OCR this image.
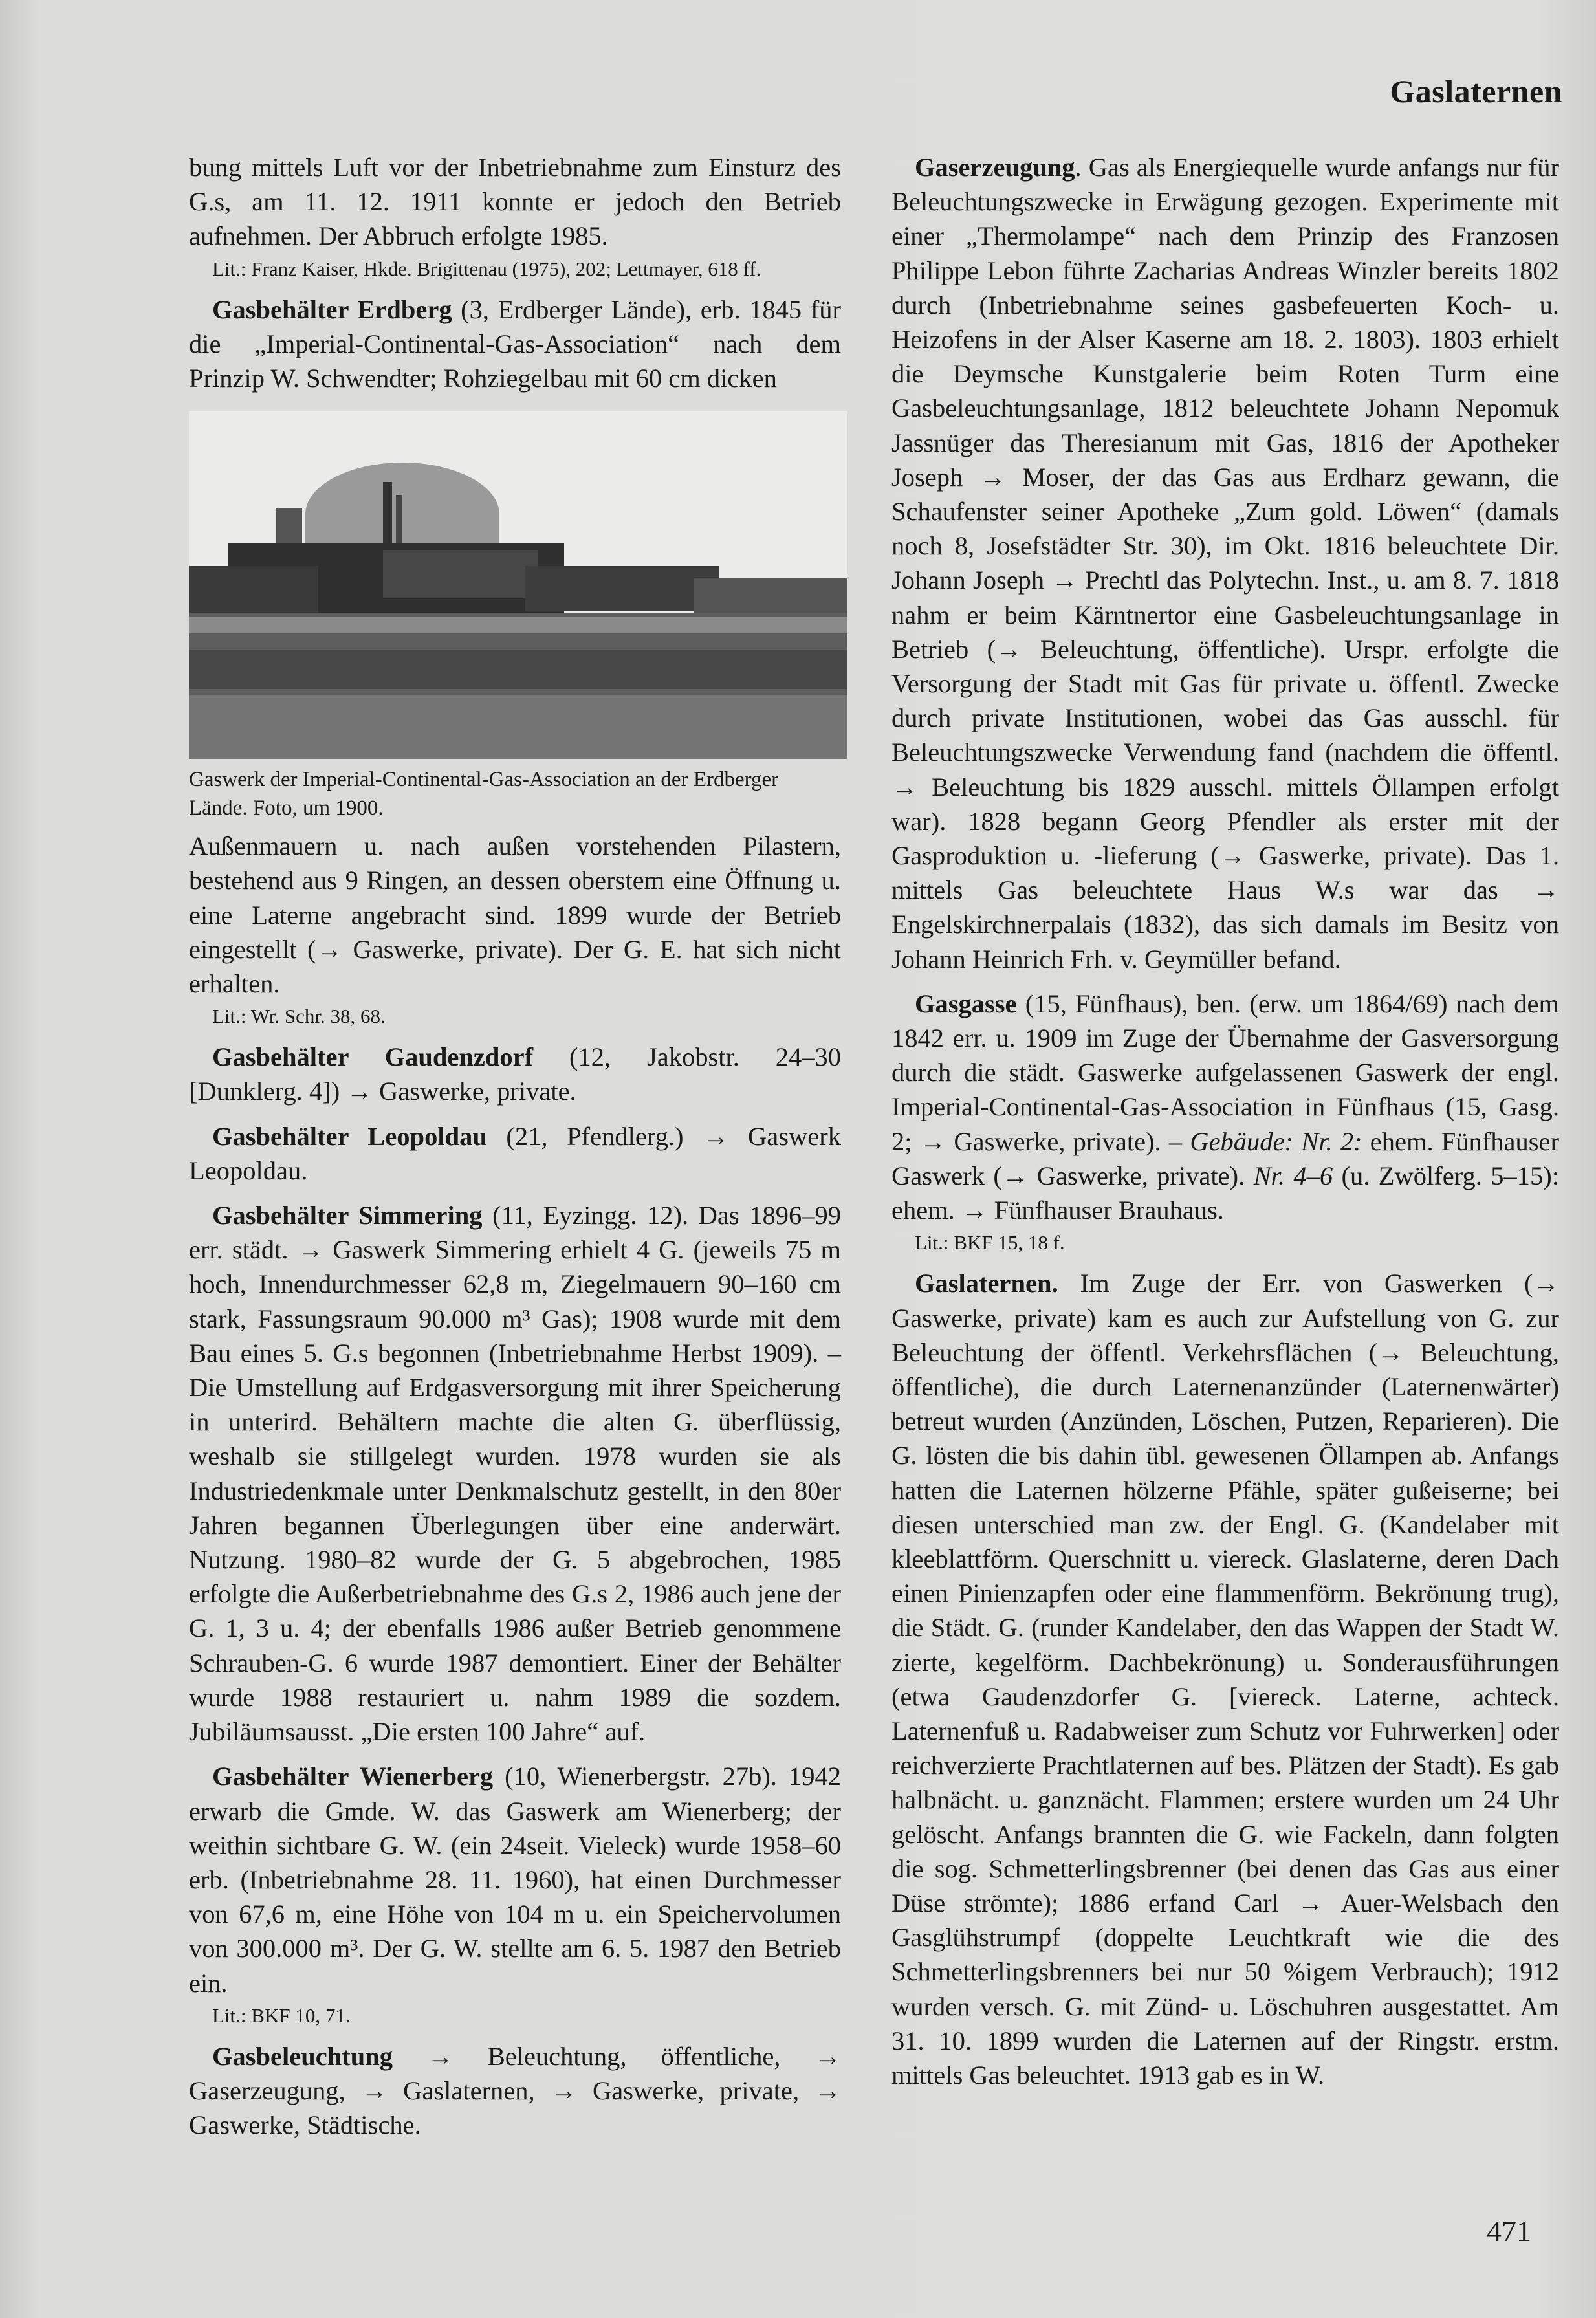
Gaslaternen

bung mittels Luft vor der Inbetriebnahme zum Einsturz des G.s, am 11. 12. 1911 konnte er jedoch den Betrieb aufnehmen. Der Abbruch erfolgte 1985.

Lit.: Franz Kaiser, Hkde. Brigittenau (1975), 202; Lettmayer, 618 ff.

Gasbehälter Erdberg (3, Erdberger Lände), erb. 1845 für die „Imperial-Continental-Gas-Association“ nach dem Prinzip W. Schwendter; Rohziegelbau mit 60 cm dicken

Gaswerk der Imperial-Continental-Gas-Association an der Erdberger Lände. Foto, um 1900.

Außenmauern u. nach außen vorstehenden Pilastern, bestehend aus 9 Ringen, an dessen oberstem eine Öffnung u. eine Laterne angebracht sind. 1899 wurde der Betrieb eingestellt (→ Gaswerke, private). Der G. E. hat sich nicht erhalten.

Lit.: Wr. Schr. 38, 68.

Gasbehälter Gaudenzdorf (12, Jakobstr. 24–30 [Dunklerg. 4]) → Gaswerke, private.

Gasbehälter Leopoldau (21, Pfendlerg.) → Gaswerk Leopoldau.

Gasbehälter Simmering (11, Eyzingg. 12). Das 1896–99 err. städt. → Gaswerk Simmering erhielt 4 G. (jeweils 75 m hoch, Innendurchmesser 62,8 m, Ziegelmauern 90–160 cm stark, Fassungsraum 90.000 m³ Gas); 1908 wurde mit dem Bau eines 5. G.s begonnen (Inbetriebnahme Herbst 1909). – Die Umstellung auf Erdgasversorgung mit ihrer Speicherung in unterird. Behältern machte die alten G. überflüssig, weshalb sie stillgelegt wurden. 1978 wurden sie als Industriedenkmale unter Denkmalschutz gestellt, in den 80er Jahren begannen Überlegungen über eine anderwärt. Nutzung. 1980–82 wurde der G. 5 abgebrochen, 1985 erfolgte die Außerbetriebnahme des G.s 2, 1986 auch jene der G. 1, 3 u. 4; der ebenfalls 1986 außer Betrieb genommene Schrauben-G. 6 wurde 1987 demontiert. Einer der Behälter wurde 1988 restauriert u. nahm 1989 die sozdem. Jubiläumsausst. „Die ersten 100 Jahre“ auf.

Gasbehälter Wienerberg (10, Wienerbergstr. 27b). 1942 erwarb die Gmde. W. das Gaswerk am Wienerberg; der weithin sichtbare G. W. (ein 24seit. Vieleck) wurde 1958–60 erb. (Inbetriebnahme 28. 11. 1960), hat einen Durchmesser von 67,6 m, eine Höhe von 104 m u. ein Speichervolumen von 300.000 m³. Der G. W. stellte am 6. 5. 1987 den Betrieb ein.

Lit.: BKF 10, 71.

Gasbeleuchtung → Beleuchtung, öffentliche, → Gaserzeugung, → Gaslaternen, → Gaswerke, private, → Gaswerke, Städtische.

Gaserzeugung. Gas als Energiequelle wurde anfangs nur für Beleuchtungszwecke in Erwägung gezogen. Experimente mit einer „Thermolampe“ nach dem Prinzip des Franzosen Philippe Lebon führte Zacharias Andreas Winzler bereits 1802 durch (Inbetriebnahme seines gasbefeuerten Koch- u. Heizofens in der Alser Kaserne am 18. 2. 1803). 1803 erhielt die Deymsche Kunstgalerie beim Roten Turm eine Gasbeleuchtungsanlage, 1812 beleuchtete Johann Nepomuk Jassnüger das Theresianum mit Gas, 1816 der Apotheker Joseph → Moser, der das Gas aus Erdharz gewann, die Schaufenster seiner Apotheke „Zum gold. Löwen“ (damals noch 8, Josefstädter Str. 30), im Okt. 1816 beleuchtete Dir. Johann Joseph → Prechtl das Polytechn. Inst., u. am 8. 7. 1818 nahm er beim Kärntnertor eine Gasbeleuchtungsanlage in Betrieb (→ Beleuchtung, öffentliche). Urspr. erfolgte die Versorgung der Stadt mit Gas für private u. öffentl. Zwecke durch private Institutionen, wobei das Gas ausschl. für Beleuchtungszwecke Verwendung fand (nachdem die öffentl. → Beleuchtung bis 1829 ausschl. mittels Öllampen erfolgt war). 1828 begann Georg Pfendler als erster mit der Gasproduktion u. -lieferung (→ Gaswerke, private). Das 1. mittels Gas beleuchtete Haus W.s war das → Engelskirchnerpalais (1832), das sich damals im Besitz von Johann Heinrich Frh. v. Geymüller befand.

Gasgasse (15, Fünfhaus), ben. (erw. um 1864/69) nach dem 1842 err. u. 1909 im Zuge der Übernahme der Gasversorgung durch die städt. Gaswerke aufgelassenen Gaswerk der engl. Imperial-Continental-Gas-Association in Fünfhaus (15, Gasg. 2; → Gaswerke, private). – Gebäude: Nr. 2: ehem. Fünfhauser Gaswerk (→ Gaswerke, private). Nr. 4–6 (u. Zwölferg. 5–15): ehem. → Fünfhauser Brauhaus.

Lit.: BKF 15, 18 f.

Gaslaternen. Im Zuge der Err. von Gaswerken (→ Gaswerke, private) kam es auch zur Aufstellung von G. zur Beleuchtung der öffentl. Verkehrsflächen (→ Beleuchtung, öffentliche), die durch Laternenanzünder (Laternenwärter) betreut wurden (Anzünden, Löschen, Putzen, Reparieren). Die G. lösten die bis dahin übl. gewesenen Öllampen ab. Anfangs hatten die Laternen hölzerne Pfähle, später gußeiserne; bei diesen unterschied man zw. der Engl. G. (Kandelaber mit kleeblattförm. Querschnitt u. viereck. Glaslaterne, deren Dach einen Pinienzapfen oder eine flammenförm. Bekrönung trug), die Städt. G. (runder Kandelaber, den das Wappen der Stadt W. zierte, kegelförm. Dachbekrönung) u. Sonderausführungen (etwa Gaudenzdorfer G. [viereck. Laterne, achteck. Laternenfuß u. Radabweiser zum Schutz vor Fuhrwerken] oder reichverzierte Prachtlaternen auf bes. Plätzen der Stadt). Es gab halbnächt. u. ganznächt. Flammen; erstere wurden um 24 Uhr gelöscht. Anfangs brannten die G. wie Fackeln, dann folgten die sog. Schmetterlingsbrenner (bei denen das Gas aus einer Düse strömte); 1886 erfand Carl → Auer-Welsbach den Gasglühstrumpf (doppelte Leuchtkraft wie die des Schmetterlingsbrenners bei nur 50 %igem Verbrauch); 1912 wurden versch. G. mit Zünd- u. Löschuhren ausgestattet. Am 31. 10. 1899 wurden die Laternen auf der Ringstr. erstm. mittels Gas beleuchtet. 1913 gab es in W.

471
